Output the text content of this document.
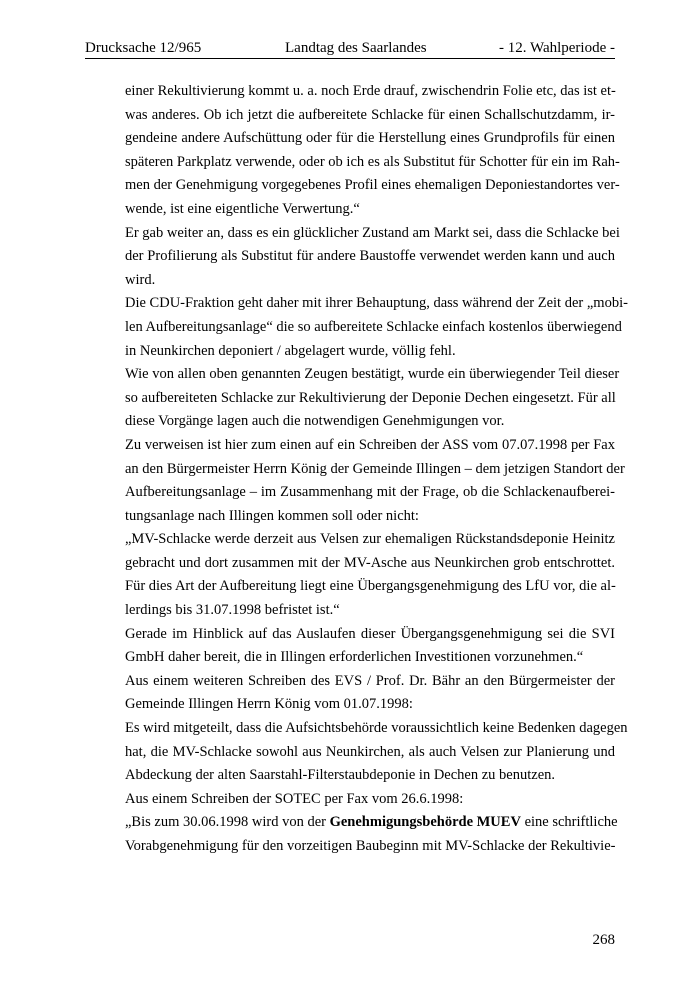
Drucksache 12/965	Landtag des Saarlandes	- 12. Wahlperiode -
einer Rekultivierung kommt u. a. noch Erde drauf, zwischendrin Folie etc, das ist et-
was anderes. Ob ich jetzt die aufbereitete Schlacke für einen Schallschutzdamm, ir-
gendeine andere Aufschüttung oder für die Herstellung eines Grundprofils für einen
späteren Parkplatz verwende, oder ob ich es als Substitut für Schotter für ein im Rah-
men der Genehmigung vorgegebenes Profil eines ehemaligen Deponiestandortes ver-
wende, ist eine eigentliche Verwertung.“
Er gab weiter an, dass es ein glücklicher Zustand am Markt sei, dass die Schlacke bei
der Profilierung als Substitut für andere Baustoffe verwendet werden kann und auch
wird.
Die CDU-Fraktion geht daher mit ihrer Behauptung, dass während der Zeit der „mobi-
len Aufbereitungsanlage“ die so aufbereitete Schlacke einfach kostenlos überwiegend
in Neunkirchen deponiert / abgelagert wurde, völlig fehl.
Wie von allen oben genannten Zeugen bestätigt, wurde ein überwiegender Teil dieser
so aufbereiteten Schlacke zur Rekultivierung der Deponie Dechen eingesetzt. Für all
diese Vorgänge lagen auch die notwendigen Genehmigungen vor.
Zu verweisen ist hier zum einen auf ein Schreiben der ASS vom 07.07.1998 per Fax
an den Bürgermeister Herrn König der Gemeinde Illingen – dem jetzigen Standort der
Aufbereitungsanlage – im Zusammenhang mit der Frage, ob die Schlackenaufberei-
tungsanlage nach Illingen kommen soll oder nicht:
„MV-Schlacke werde derzeit aus Velsen zur ehemaligen Rückstandsdeponie Heinitz
gebracht und dort zusammen mit der MV-Asche aus Neunkirchen grob entschrottet.
Für dies Art der Aufbereitung liegt eine Übergangsgenehmigung des LfU vor, die al-
lerdings bis 31.07.1998 befristet ist.“
Gerade im Hinblick auf das Auslaufen dieser Übergangsgenehmigung sei die SVI
GmbH daher bereit, die in Illingen erforderlichen Investitionen vorzunehmen.“
Aus einem weiteren Schreiben des EVS / Prof. Dr. Bähr an den Bürgermeister der
Gemeinde Illingen Herrn König vom 01.07.1998:
Es wird mitgeteilt, dass die Aufsichtsbehörde voraussichtlich keine Bedenken dagegen
hat, die MV-Schlacke sowohl aus Neunkirchen, als auch Velsen zur Planierung und
Abdeckung der alten Saarstahl-Filterstaubdeponie in Dechen zu benutzen.
Aus einem Schreiben der SOTEC per Fax vom 26.6.1998:
„Bis zum 30.06.1998 wird von der Genehmigungsbehörde MUEV eine schriftliche
Vorabgenehmigung für den vorzeitigen Baubeginn mit MV-Schlacke der Rekultivie-
268
